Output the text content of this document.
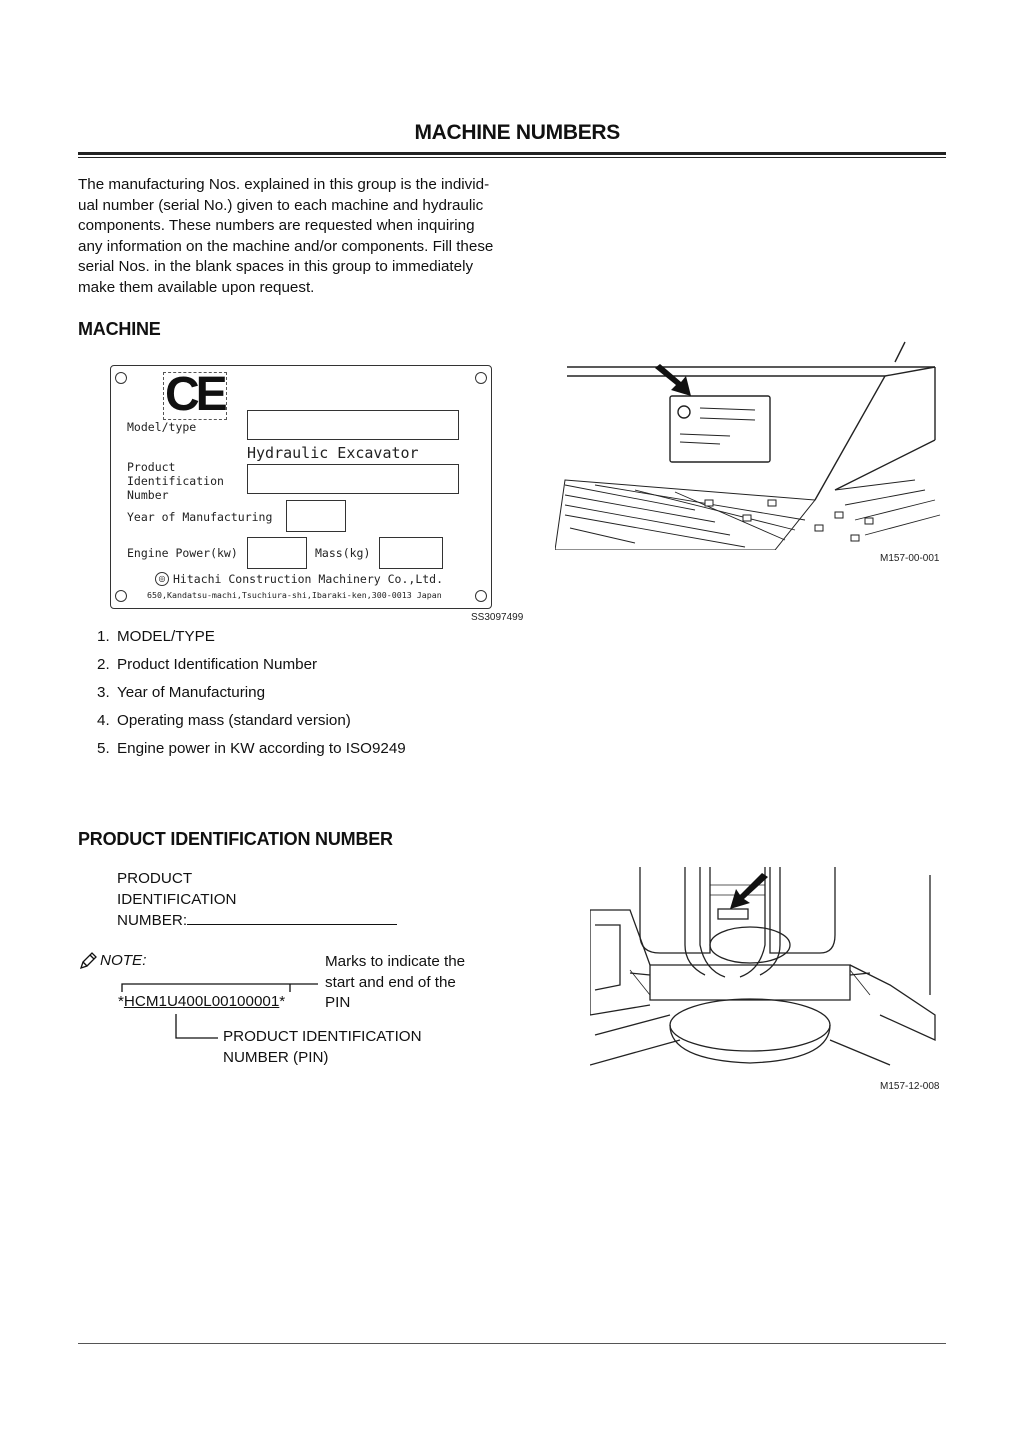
MACHINE NUMBERS
The manufacturing Nos. explained in this group is the individ-
ual number (serial No.) given to each machine and hydraulic
components. These numbers are requested when inquiring
any information on the machine and/or components. Fill these
serial Nos. in the blank spaces in this group to immediately
make them available upon request.
MACHINE
CE
Model/type
Hydraulic Excavator
Product
Identification
Number
Year of Manufacturing
Engine Power(kw)	Mass(kg)
◎ Hitachi Construction Machinery Co.,Ltd.
650,Kandatsu-machi,Tsuchiura-shi,Ibaraki-ken,300-0013 Japan
SS3097499
M157-00-001
1. MODEL/TYPE
2. Product Identification Number
3. Year of Manufacturing
4. Operating mass (standard version)
5. Engine power in KW according to ISO9249
PRODUCT IDENTIFICATION NUMBER
PRODUCT
IDENTIFICATION
NUMBER:
NOTE:
*HCM1U400L00100001*
Marks to indicate the
start and end of the
PIN
PRODUCT IDENTIFICATION
NUMBER (PIN)
M157-12-008
